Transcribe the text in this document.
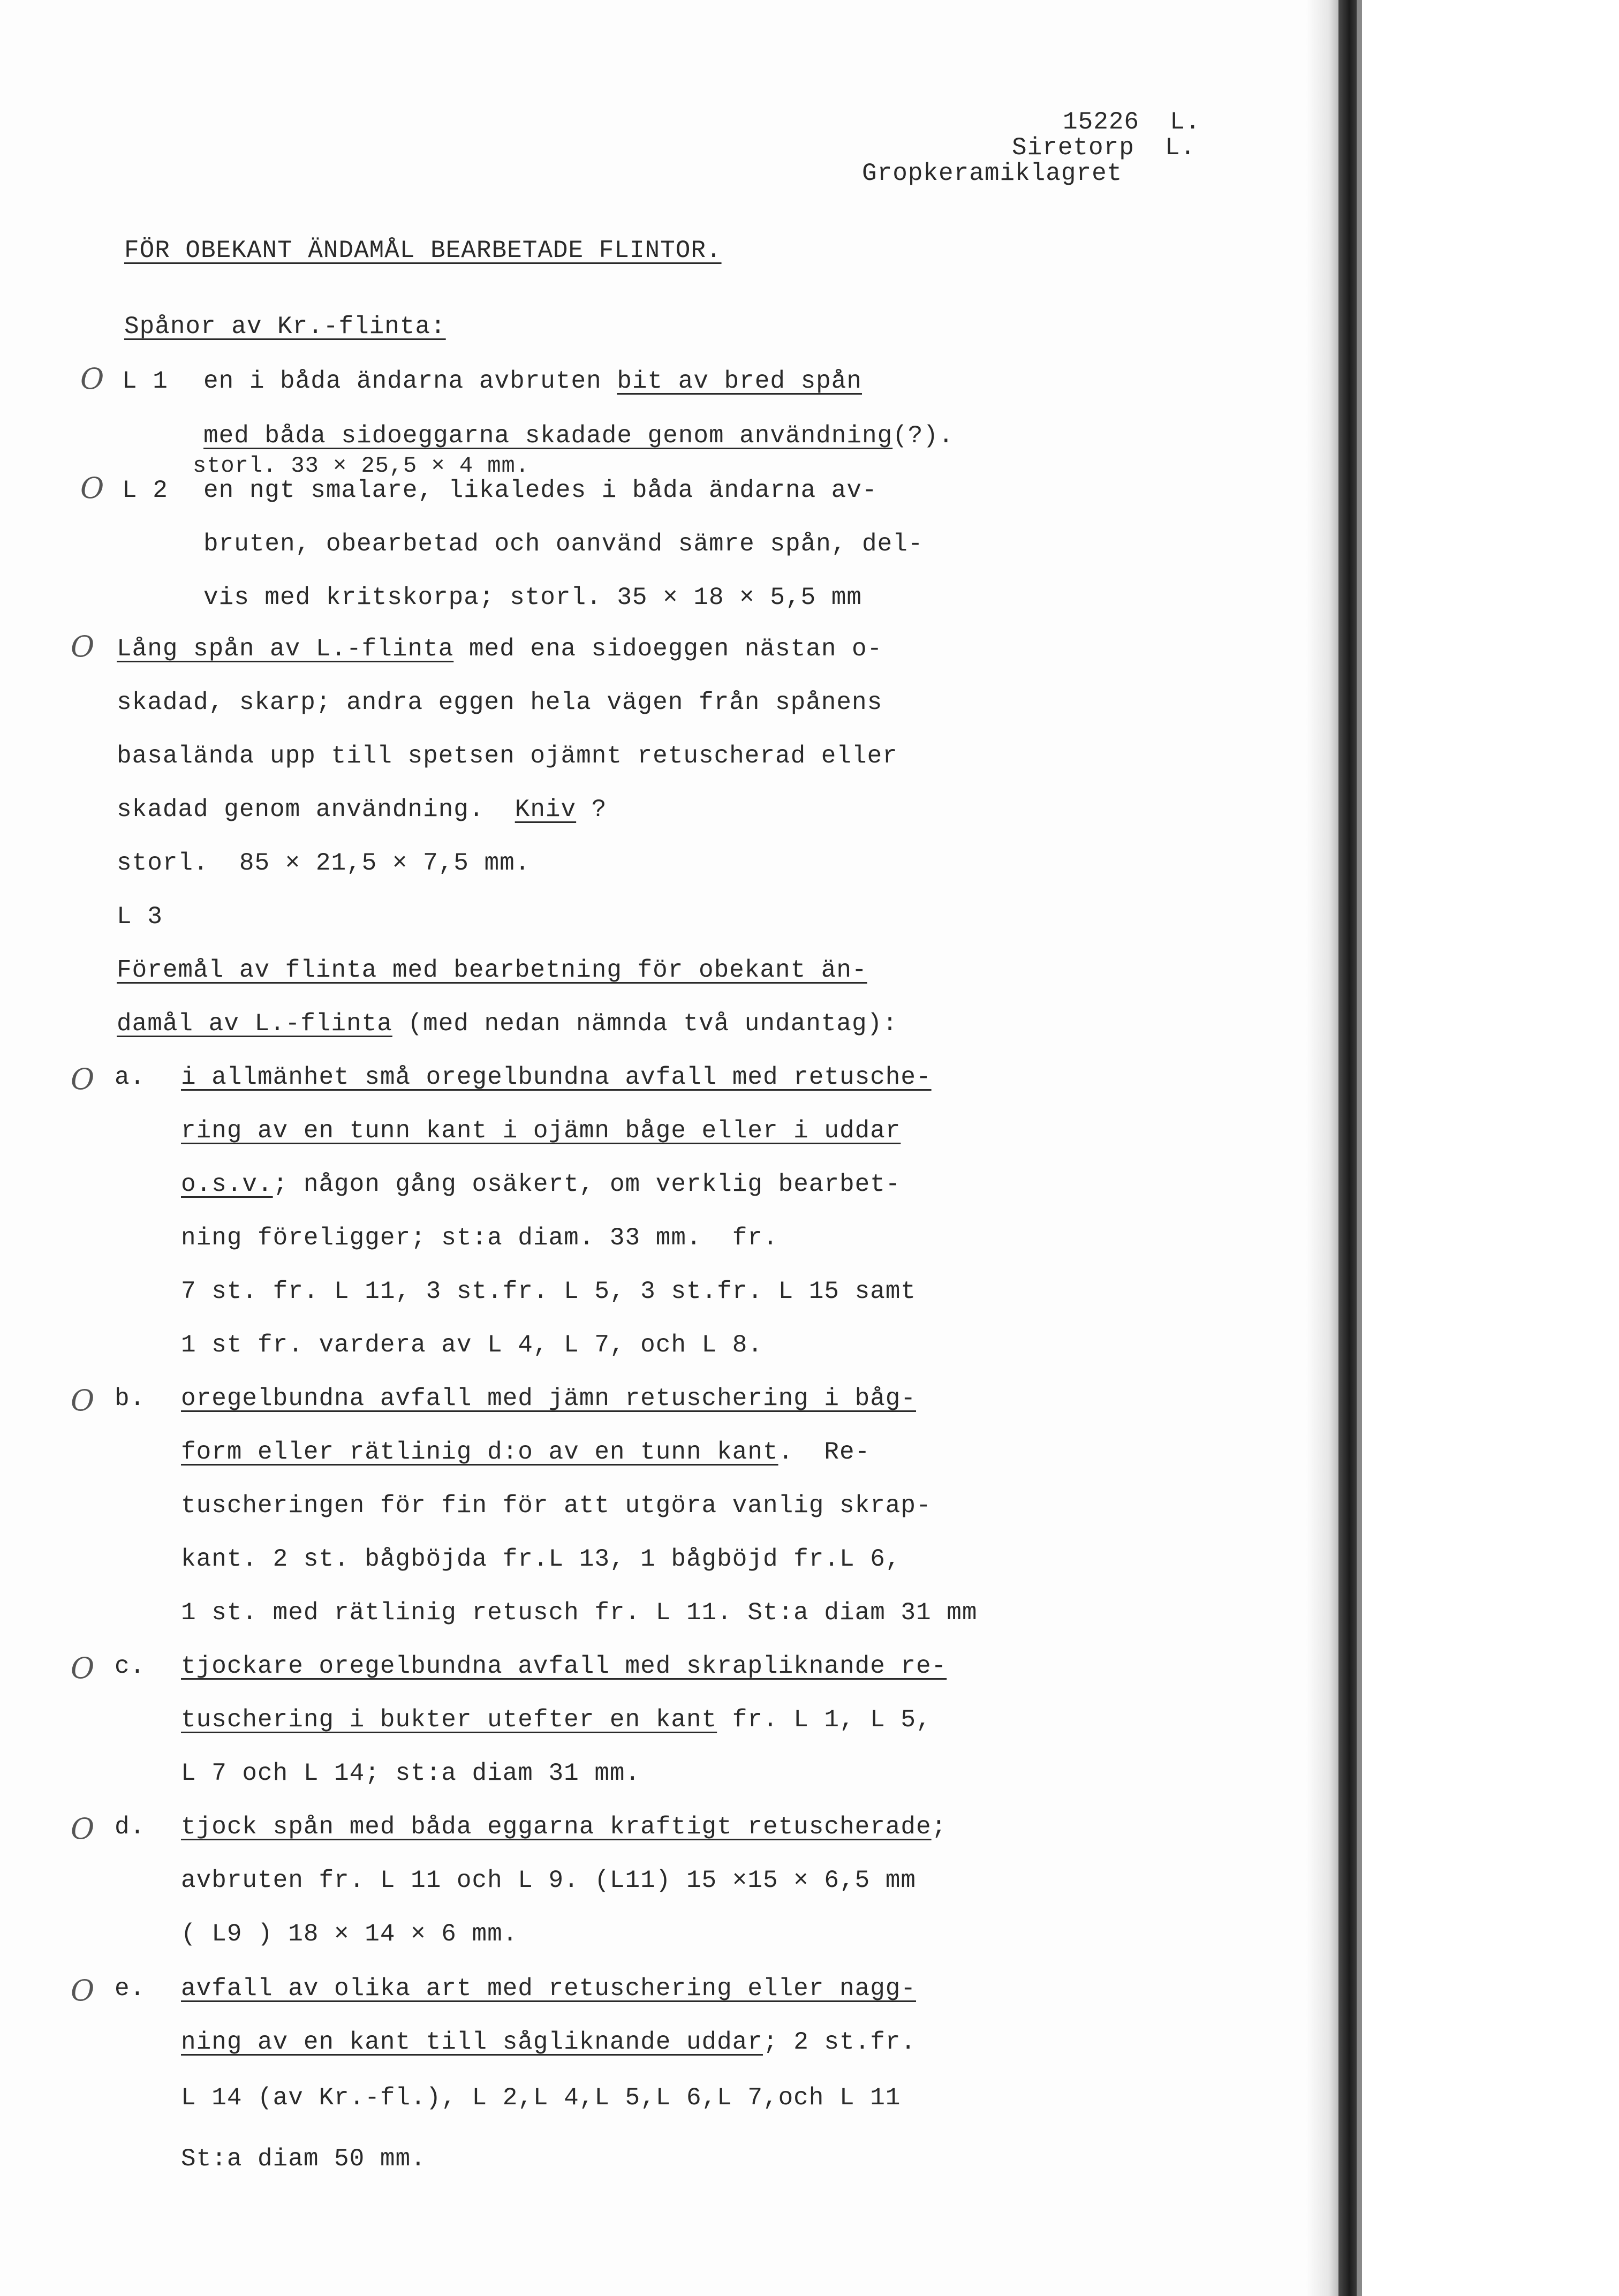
15226  L.
Siretorp  L.
Gropkeramiklagret
FÖR OBEKANT ÄNDAMÅL BEARBETADE FLINTOR.
Spånor av Kr.-flinta:
O L 1 en i båda ändarna avbruten bit av bred spån
med båda sidoeggarna skadade genom användning(?).
storl. 33 × 25,5 × 4 mm.
O L 2 en ngt smalare, likaledes i båda ändarna av-
bruten, obearbetad och oanvänd sämre spån, del-
vis med kritskorpa; storl. 35 × 18 × 5,5 mm
O Lång spån av L.-flinta med ena sidoeggen nästan o-
skadad, skarp; andra eggen hela vägen från spånens
basalända upp till spetsen ojämnt retuscherad eller
skadad genom användning.  Kniv ?
storl.  85 × 21,5 × 7,5 mm.
L 3
Föremål av flinta med bearbetning för obekant än-
damål av L.-flinta (med nedan nämnda två undantag):
O a. i allmänhet små oregelbundna avfall med retusche-
ring av en tunn kant i ojämn båge eller i uddar
o.s.v.; någon gång osäkert, om verklig bearbet-
ning föreligger; st:a diam. 33 mm.  fr.
7 st. fr. L 11, 3 st.fr. L 5, 3 st.fr. L 15 samt
1 st fr. vardera av L 4, L 7, och L 8.
O b. oregelbundna avfall med jämn retuschering i båg-
form eller rätlinig d:o av en tunn kant.  Re-
tuscheringen för fin för att utgöra vanlig skrap-
kant. 2 st. bågböjda fr.L 13, 1 bågböjd fr.L 6,
1 st. med rätlinig retusch fr. L 11. St:a diam 31 mm
O c. tjockare oregelbundna avfall med skrapliknande re-
tuschering i bukter utefter en kant fr. L 1, L 5,
L 7 och L 14; st:a diam 31 mm.
O d. tjock spån med båda eggarna kraftigt retuscherade;
avbruten fr. L 11 och L 9. (L11) 15 ×15 × 6,5 mm
( L9 ) 18 × 14 × 6 mm.
O e. avfall av olika art med retuschering eller nagg-
ning av en kant till sågliknande uddar; 2 st.fr.
L 14 (av Kr.-fl.), L 2,L 4,L 5,L 6,L 7,och L 11
St:a diam 50 mm.
